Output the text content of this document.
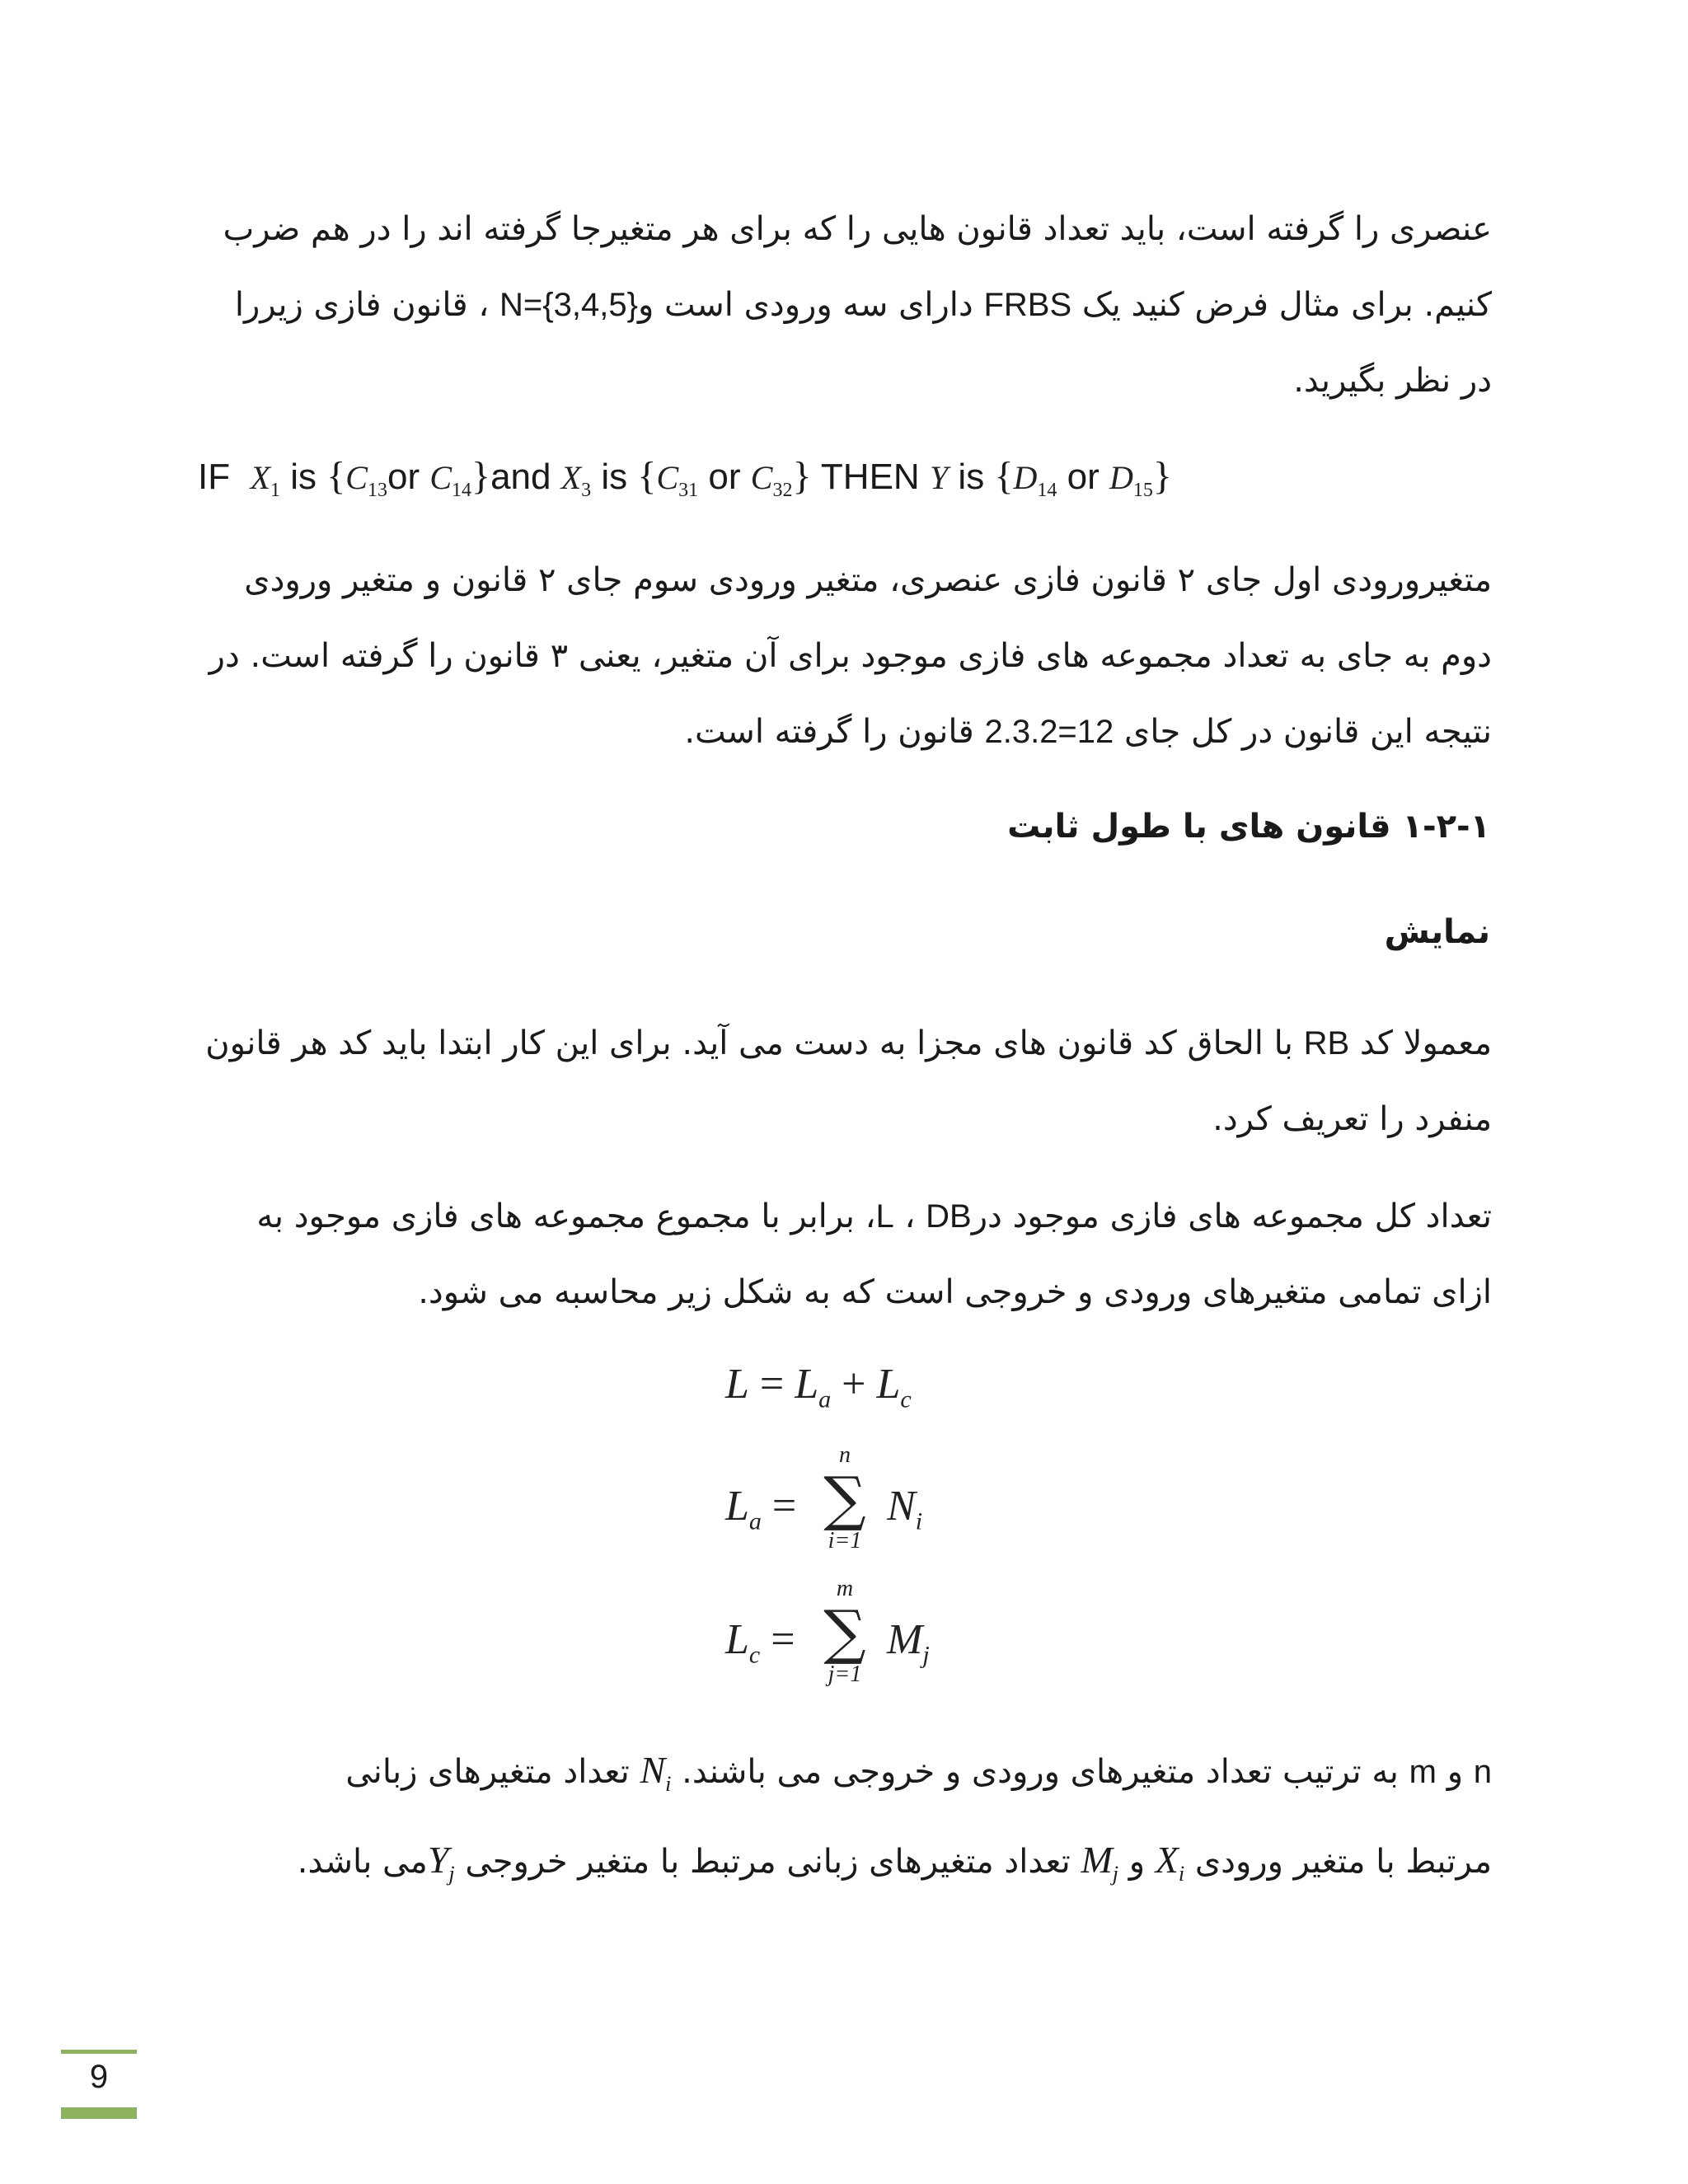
عنصری را گرفته است، باید تعداد قانون هایی را که برای هر متغیرجا گرفته اند را در هم ضرب
کنیم. برای مثال فرض کنید یک FRBS دارای سه ورودی است وN={3,4,5} ، قانون فازی زیررا
در نظر بگیرید.

IF $X_1$ is {$C_{13}or$ $C_{14}\}and$ $X_3$ is {$C_{31}$ or $C_{32}$} THEN Y is {$D_{14}$ or $D_{15}$}

متغیرورودی اول جای ۲ قانون فازی عنصری، متغیر ورودی سوم جای ۲ قانون و متغیر ورودی
دوم به جای به تعداد مجموعه های فازی موجود برای آن متغیر، یعنی ۳ قانون را گرفته است. در
نتیجه این قانون در کل جای 2.3.2=12 قانون را گرفته است.

۱-۲-۱ قانون های با طول ثابت
نمایش

معمولا کد RB با الحاق کد قانون های مجزا به دست می آید. برای این کار ابتدا باید کد هر قانون
منفرد را تعریف کرد.

تعداد کل مجموعه های فازی موجود درDB ، L، برابر با مجموع مجموعه های فازی موجود به
ازای تمامی متغیرهای ورودی و خروجی است که به شکل زیر محاسبه می شود.

$L = L_a + L_c$
$L_a$ =
n
∑
i=1
$N_i$
$L_c$ =
m
∑
j=1
$M_j$

n و m به ترتیب تعداد متغیرهای ورودی و خروجی می باشند. $N_i$ تعداد متغیرهای زبانی
مرتبط با متغیر ورودی $X_i$ و $M_j$ تعداد متغیرهای زبانی مرتبط با متغیر خروجی $Y_jمی$ باشد.

9
